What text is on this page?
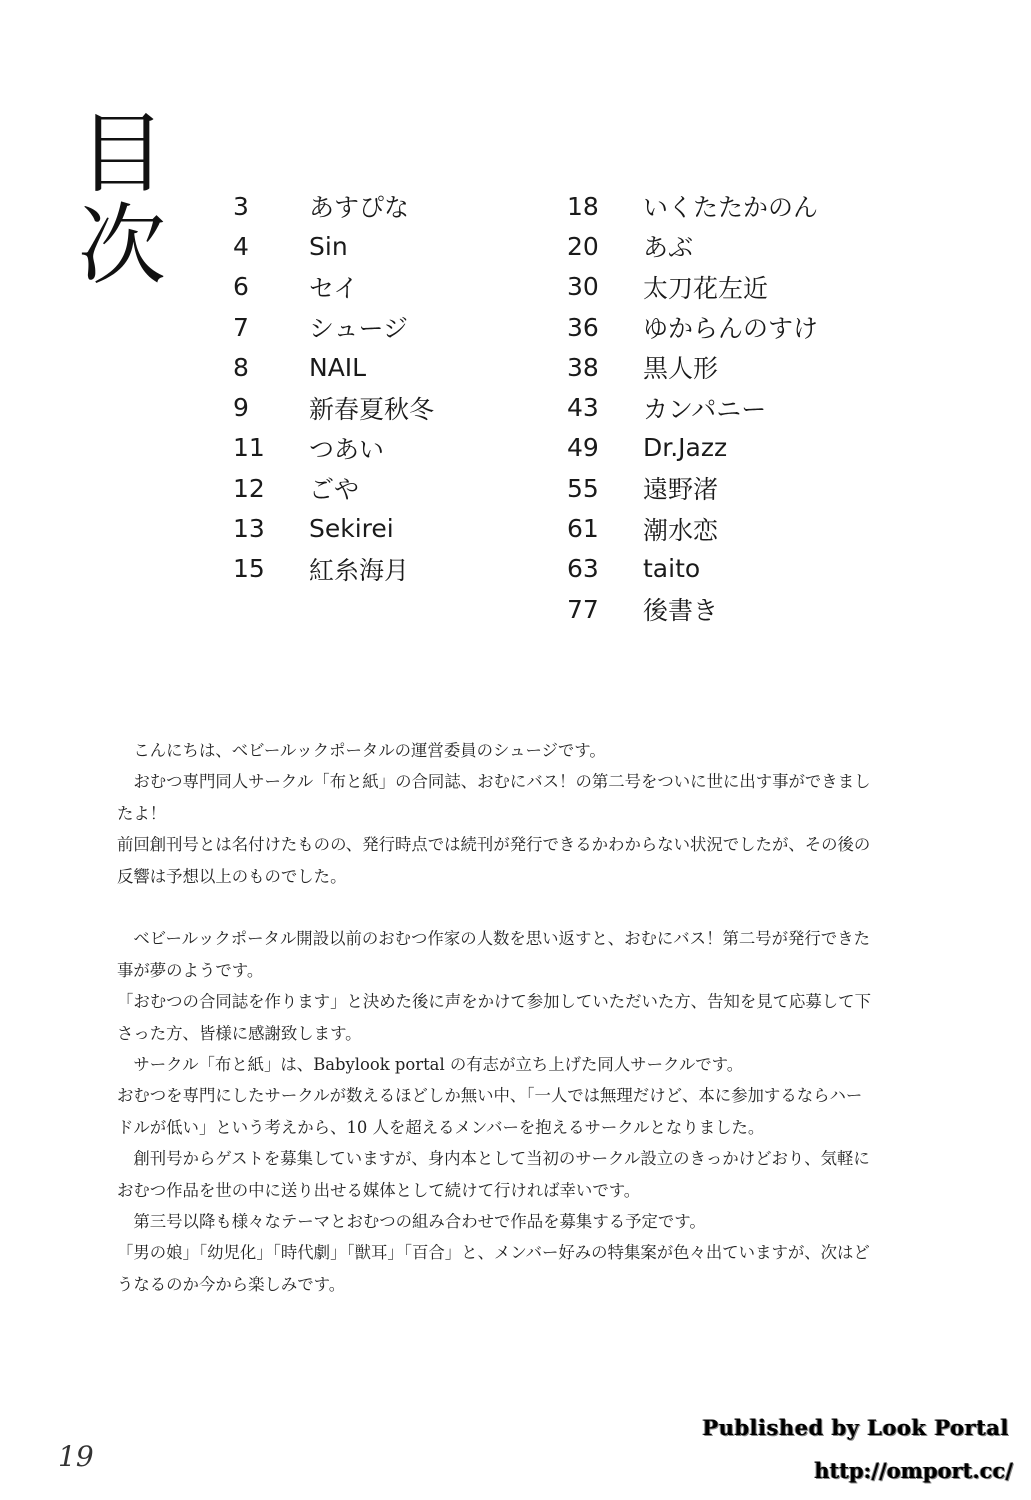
目
次	3	あすぴな
4	Sin
6	セイ
7	シュージ
8	NAIL
9	新春夏秋冬
11	つあい
12	ごや
13	Sekirei
15	紅糸海月
18	いくたたかのん
20	あぶ
30	太刀花左近
36	ゆからんのすけ
38	黒人形
43	カンパニー
49	Dr.Jazz
55	遠野渚
61	潮水恋
63	taito
77	後書き

こんにちは、ベビールックポータルの運営委員のシュージです。

おむつ専門同人サークル「布と紙」の合同誌、おむにバス！の第二号をついに世に出す事ができましたよ！

前回創刊号とは名付けたものの、発行時点では続刊が発行できるかわからない状況でしたが、その後の反響は予想以上のものでした。

ベビールックポータル開設以前のおむつ作家の人数を思い返すと、おむにバス！第二号が発行できた事が夢のようです。

「おむつの合同誌を作ります」と決めた後に声をかけて参加していただいた方、告知を見て応募して下さった方、皆様に感謝致します。

サークル「布と紙」は、Babylook portal の有志が立ち上げた同人サークルです。

おむつを専門にしたサークルが数えるほどしか無い中、「一人では無理だけど、本に参加するならハードルが低い」という考えから、10 人を超えるメンバーを抱えるサークルとなりました。

創刊号からゲストを募集していますが、身内本として当初のサークル設立のきっかけどおり、気軽におむつ作品を世の中に送り出せる媒体として続けて行ければ幸いです。

第三号以降も様々なテーマとおむつの組み合わせで作品を募集する予定です。

「男の娘」「幼児化」「時代劇」「獣耳」「百合」と、メンバー好みの特集案が色々出ていますが、次はどうなるのか今から楽しみです。

19
Published by Look Portal
http://omport.cc/
